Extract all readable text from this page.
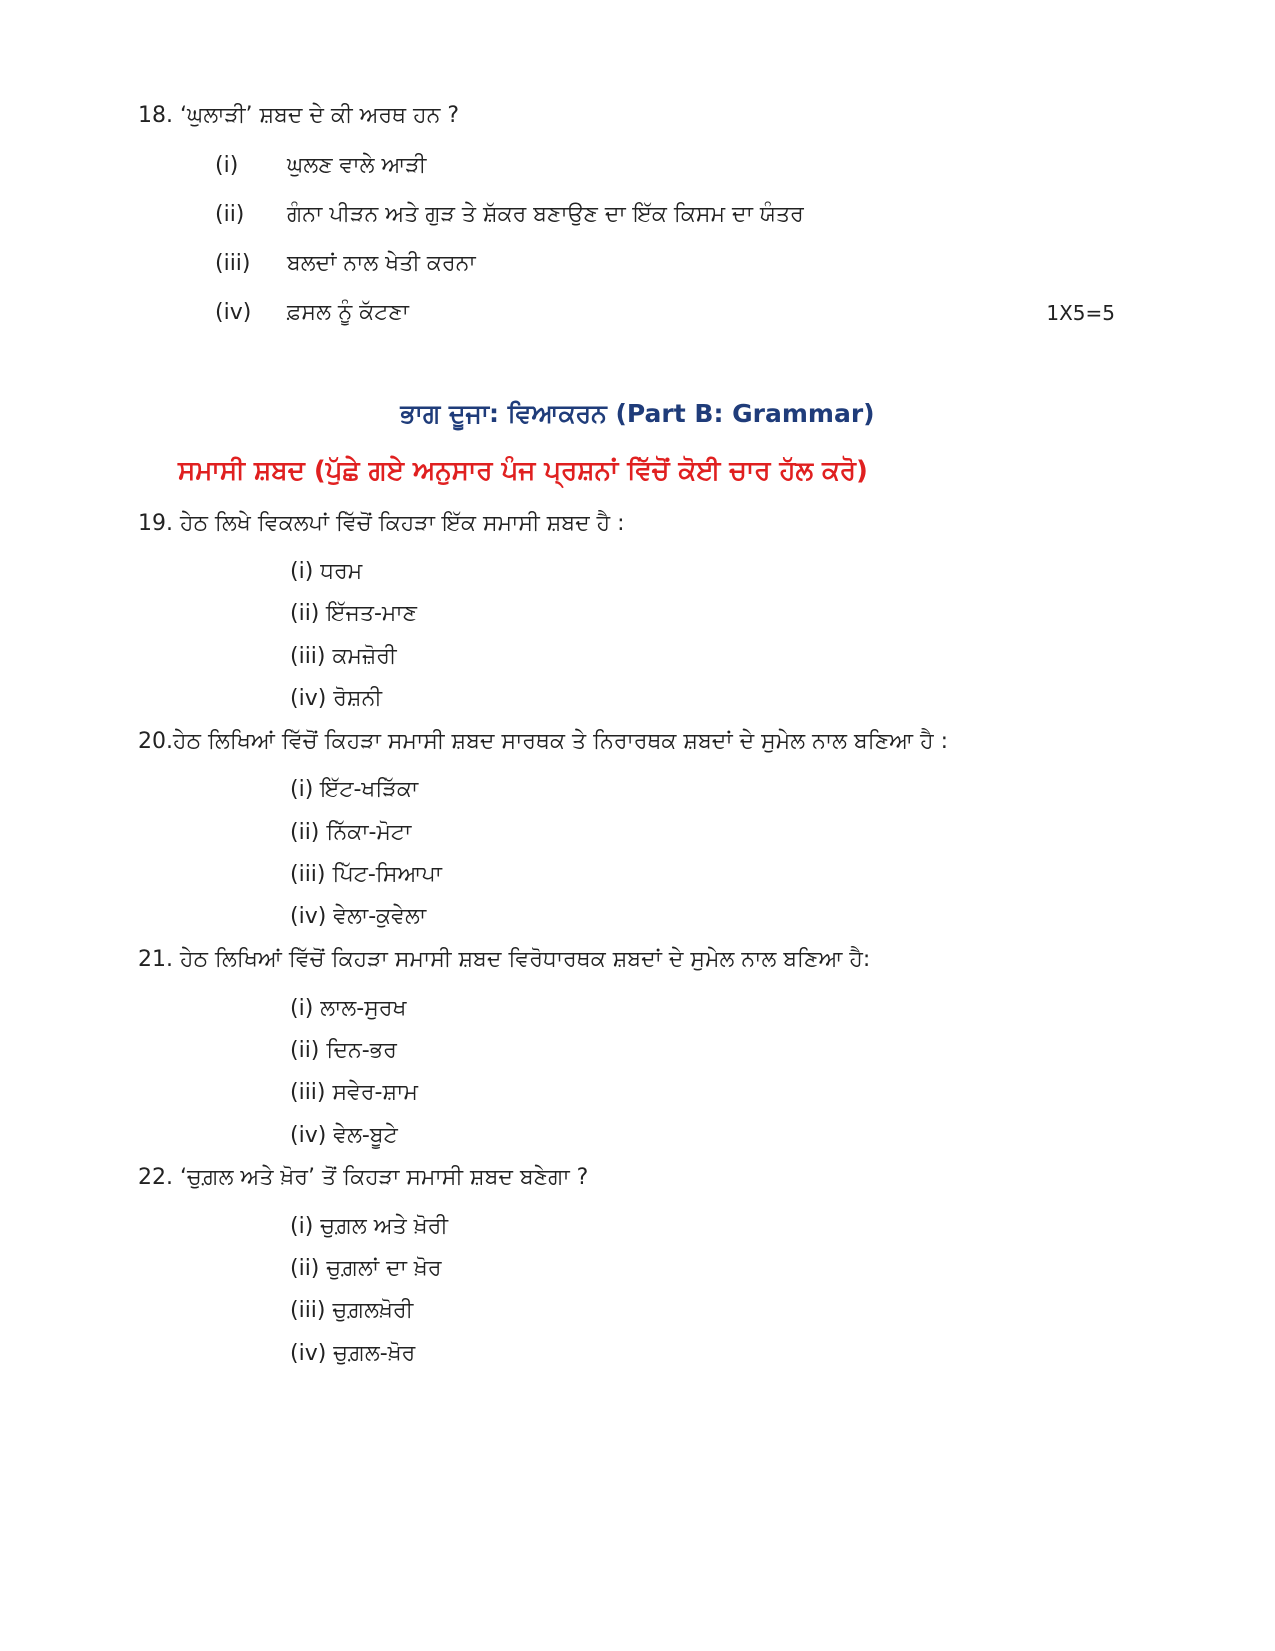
18. ‘ਘੁਲਾੜੀ’ ਸ਼ਬਦ ਦੇ ਕੀ ਅਰਥ ਹਨ ?
(i) ਘੁਲਣ ਵਾਲੇ ਆੜੀ
(ii) ਗੰਨਾ ਪੀੜਨ ਅਤੇ ਗੁੜ ਤੇ ਸ਼ੱਕਰ ਬਣਾਉਣ ਦਾ ਇੱਕ ਕਿਸਮ ਦਾ ਯੰਤਰ
(iii) ਬਲਦਾਂ ਨਾਲ ਖੇਤੀ ਕਰਨਾ
(iv) ਫ਼ਸਲ ਨੂੰ ਕੱਟਣਾ	1X5=5
ਭਾਗ ਦੂਜਾ: ਵਿਆਕਰਨ (Part B: Grammar)
ਸਮਾਸੀ ਸ਼ਬਦ (ਪੁੱਛੇ ਗਏ ਅਨੁਸਾਰ ਪੰਜ ਪ੍ਰਸ਼ਨਾਂ ਵਿੱਚੋਂ ਕੋਈ ਚਾਰ ਹੱਲ ਕਰੋ)
19. ਹੇਠ ਲਿਖੇ ਵਿਕਲਪਾਂ ਵਿੱਚੋਂ ਕਿਹੜਾ ਇੱਕ ਸਮਾਸੀ ਸ਼ਬਦ ਹੈ :
(i) ਧਰਮ
(ii) ਇੱਜਤ-ਮਾਣ
(iii) ਕਮਜ਼ੋਰੀ
(iv) ਰੋਸ਼ਨੀ
20.ਹੇਠ ਲਿਖਿਆਂ ਵਿੱਚੋਂ ਕਿਹੜਾ ਸਮਾਸੀ ਸ਼ਬਦ ਸਾਰਥਕ ਤੇ ਨਿਰਾਰਥਕ ਸ਼ਬਦਾਂ ਦੇ ਸੁਮੇਲ ਨਾਲ ਬਣਿਆ ਹੈ :
(i) ਇੱਟ-ਖੜਿੱਕਾ
(ii) ਨਿੱਕਾ-ਮੋਟਾ
(iii) ਪਿੱਟ-ਸਿਆਪਾ
(iv) ਵੇਲਾ-ਕੁਵੇਲਾ
21. ਹੇਠ ਲਿਖਿਆਂ ਵਿੱਚੋਂ ਕਿਹੜਾ ਸਮਾਸੀ ਸ਼ਬਦ ਵਿਰੋਧਾਰਥਕ ਸ਼ਬਦਾਂ ਦੇ ਸੁਮੇਲ ਨਾਲ ਬਣਿਆ ਹੈ:
(i) ਲਾਲ-ਸੁਰਖ
(ii) ਦਿਨ-ਭਰ
(iii) ਸਵੇਰ-ਸ਼ਾਮ
(iv) ਵੇਲ-ਬੂਟੇ
22. ‘ਚੁਗ਼ਲ ਅਤੇ ਖ਼ੋਰ’ ਤੋਂ ਕਿਹੜਾ ਸਮਾਸੀ ਸ਼ਬਦ ਬਣੇਗਾ ?
(i) ਚੁਗ਼ਲ ਅਤੇ ਖ਼ੋਰੀ
(ii) ਚੁਗ਼ਲਾਂ ਦਾ ਖ਼ੋਰ
(iii) ਚੁਗ਼ਲਖ਼ੋਰੀ
(iv) ਚੁਗ਼ਲ-ਖ਼ੋਰ
